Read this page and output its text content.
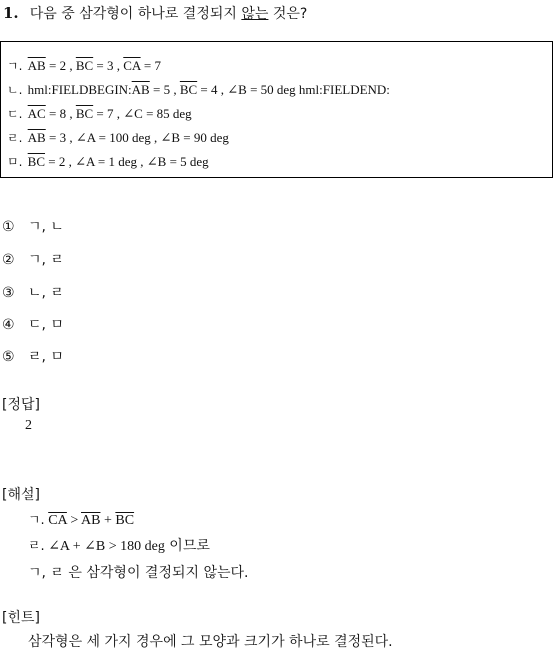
1. 다음 중 삼각형이 하나로 결정되지 않는 것은?
ㄱ. $\overline{AB} = 2$ , $\overline{BC} = 3$ , $\overline{CA} = 7$
ㄴ. $hml:FIELDBEGIN:\overline{AB} = 5$ , $\overline{BC} = 4$ , ∠B = 50 deg hml:FIELDEND:
ㄷ. $\overline{AC} = 8$ , $\overline{BC} = 7$ , ∠C = 85 deg
ㄹ. $\overline{AB} = 3$ , ∠A = 100 deg , ∠B = 90 deg
ㅁ. $\overline{BC} = 2$ , ∠A = 1 deg , ∠B = 5 deg
① ㄱ, ㄴ
② ㄱ, ㄹ
③ ㄴ, ㄹ
④ ㄷ, ㅁ
⑤ ㄹ, ㅁ
[정답]
2
[해설]
ㄱ. $\overline{CA} > \overline{AB} + \overline{BC}$
ㄹ. ∠A + ∠B > 180 deg 이므로
ㄱ, ㄹ 은 삼각형이 결정되지 않는다.
[힌트]
삼각형은 세 가지 경우에 그 모양과 크기가 하나로 결정된다.
